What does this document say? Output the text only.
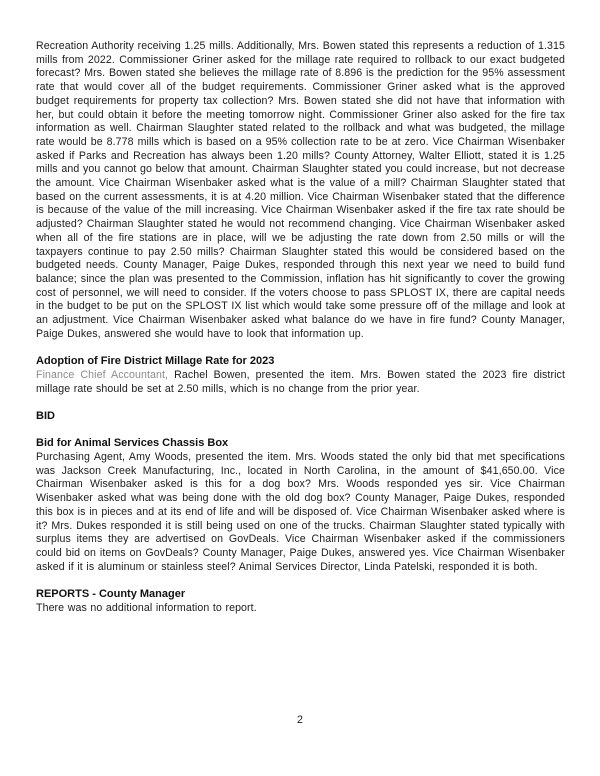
Recreation Authority receiving 1.25 mills. Additionally, Mrs. Bowen stated this represents a reduction of 1.315 mills from 2022. Commissioner Griner asked for the millage rate required to rollback to our exact budgeted forecast? Mrs. Bowen stated she believes the millage rate of 8.896 is the prediction for the 95% assessment rate that would cover all of the budget requirements. Commissioner Griner asked what is the approved budget requirements for property tax collection? Mrs. Bowen stated she did not have that information with her, but could obtain it before the meeting tomorrow night. Commissioner Griner also asked for the fire tax information as well. Chairman Slaughter stated related to the rollback and what was budgeted, the millage rate would be 8.778 mills which is based on a 95% collection rate to be at zero. Vice Chairman Wisenbaker asked if Parks and Recreation has always been 1.20 mills? County Attorney, Walter Elliott, stated it is 1.25 mills and you cannot go below that amount. Chairman Slaughter stated you could increase, but not decrease the amount. Vice Chairman Wisenbaker asked what is the value of a mill? Chairman Slaughter stated that based on the current assessments, it is at 4.20 million. Vice Chairman Wisenbaker stated that the difference is because of the value of the mill increasing. Vice Chairman Wisenbaker asked if the fire tax rate should be adjusted? Chairman Slaughter stated he would not recommend changing. Vice Chairman Wisenbaker asked when all of the fire stations are in place, will we be adjusting the rate down from 2.50 mills or will the taxpayers continue to pay 2.50 mills? Chairman Slaughter stated this would be considered based on the budgeted needs. County Manager, Paige Dukes, responded through this next year we need to build fund balance; since the plan was presented to the Commission, inflation has hit significantly to cover the growing cost of personnel, we will need to consider. If the voters choose to pass SPLOST IX, there are capital needs in the budget to be put on the SPLOST IX list which would take some pressure off of the millage and look at an adjustment. Vice Chairman Wisenbaker asked what balance do we have in fire fund? County Manager, Paige Dukes, answered she would have to look that information up.

Adoption of Fire District Millage Rate for 2023

Finance Chief Accountant, Rachel Bowen, presented the item. Mrs. Bowen stated the 2023 fire district millage rate should be set at 2.50 mills, which is no change from the prior year.

BID
Bid for Animal Services Chassis Box

Purchasing Agent, Amy Woods, presented the item. Mrs. Woods stated the only bid that met specifications was Jackson Creek Manufacturing, Inc., located in North Carolina, in the amount of $41,650.00. Vice Chairman Wisenbaker asked is this for a dog box? Mrs. Woods responded yes sir. Vice Chairman Wisenbaker asked what was being done with the old dog box? County Manager, Paige Dukes, responded this box is in pieces and at its end of life and will be disposed of. Vice Chairman Wisenbaker asked where is it? Mrs. Dukes responded it is still being used on one of the trucks. Chairman Slaughter stated typically with surplus items they are advertised on GovDeals. Vice Chairman Wisenbaker asked if the commissioners could bid on items on GovDeals? County Manager, Paige Dukes, answered yes. Vice Chairman Wisenbaker asked if it is aluminum or stainless steel? Animal Services Director, Linda Patelski, responded it is both.

REPORTS - County Manager

There was no additional information to report.

2
